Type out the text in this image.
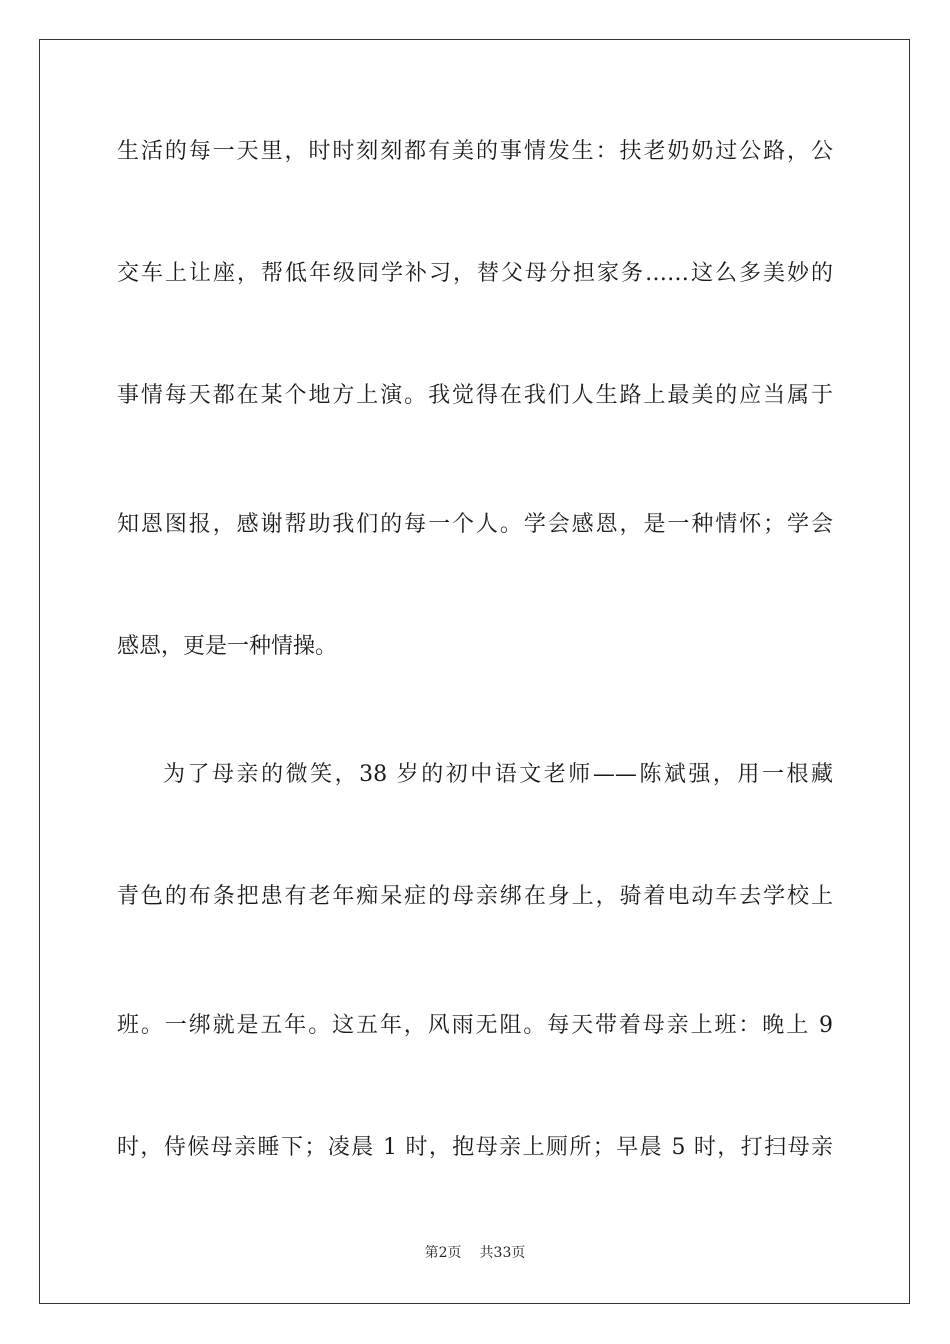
生活的每一天里，时时刻刻都有美的事情发生：扶老奶奶过公路，公
交车上让座，帮低年级同学补习，替父母分担家务……这么多美妙的
事情每天都在某个地方上演。我觉得在我们人生路上最美的应当属于
知恩图报，感谢帮助我们的每一个人。学会感恩，是一种情怀；学会
感恩，更是一种情操。
为了母亲的微笑，38 岁的初中语文老师——陈斌强，用一根藏
青色的布条把患有老年痴呆症的母亲绑在身上，骑着电动车去学校上
班。一绑就是五年。这五年，风雨无阻。每天带着母亲上班：晚上 9
时，侍候母亲睡下；凌晨 1 时，抱母亲上厕所；早晨 5 时，打扫母亲
第2页 共33页
